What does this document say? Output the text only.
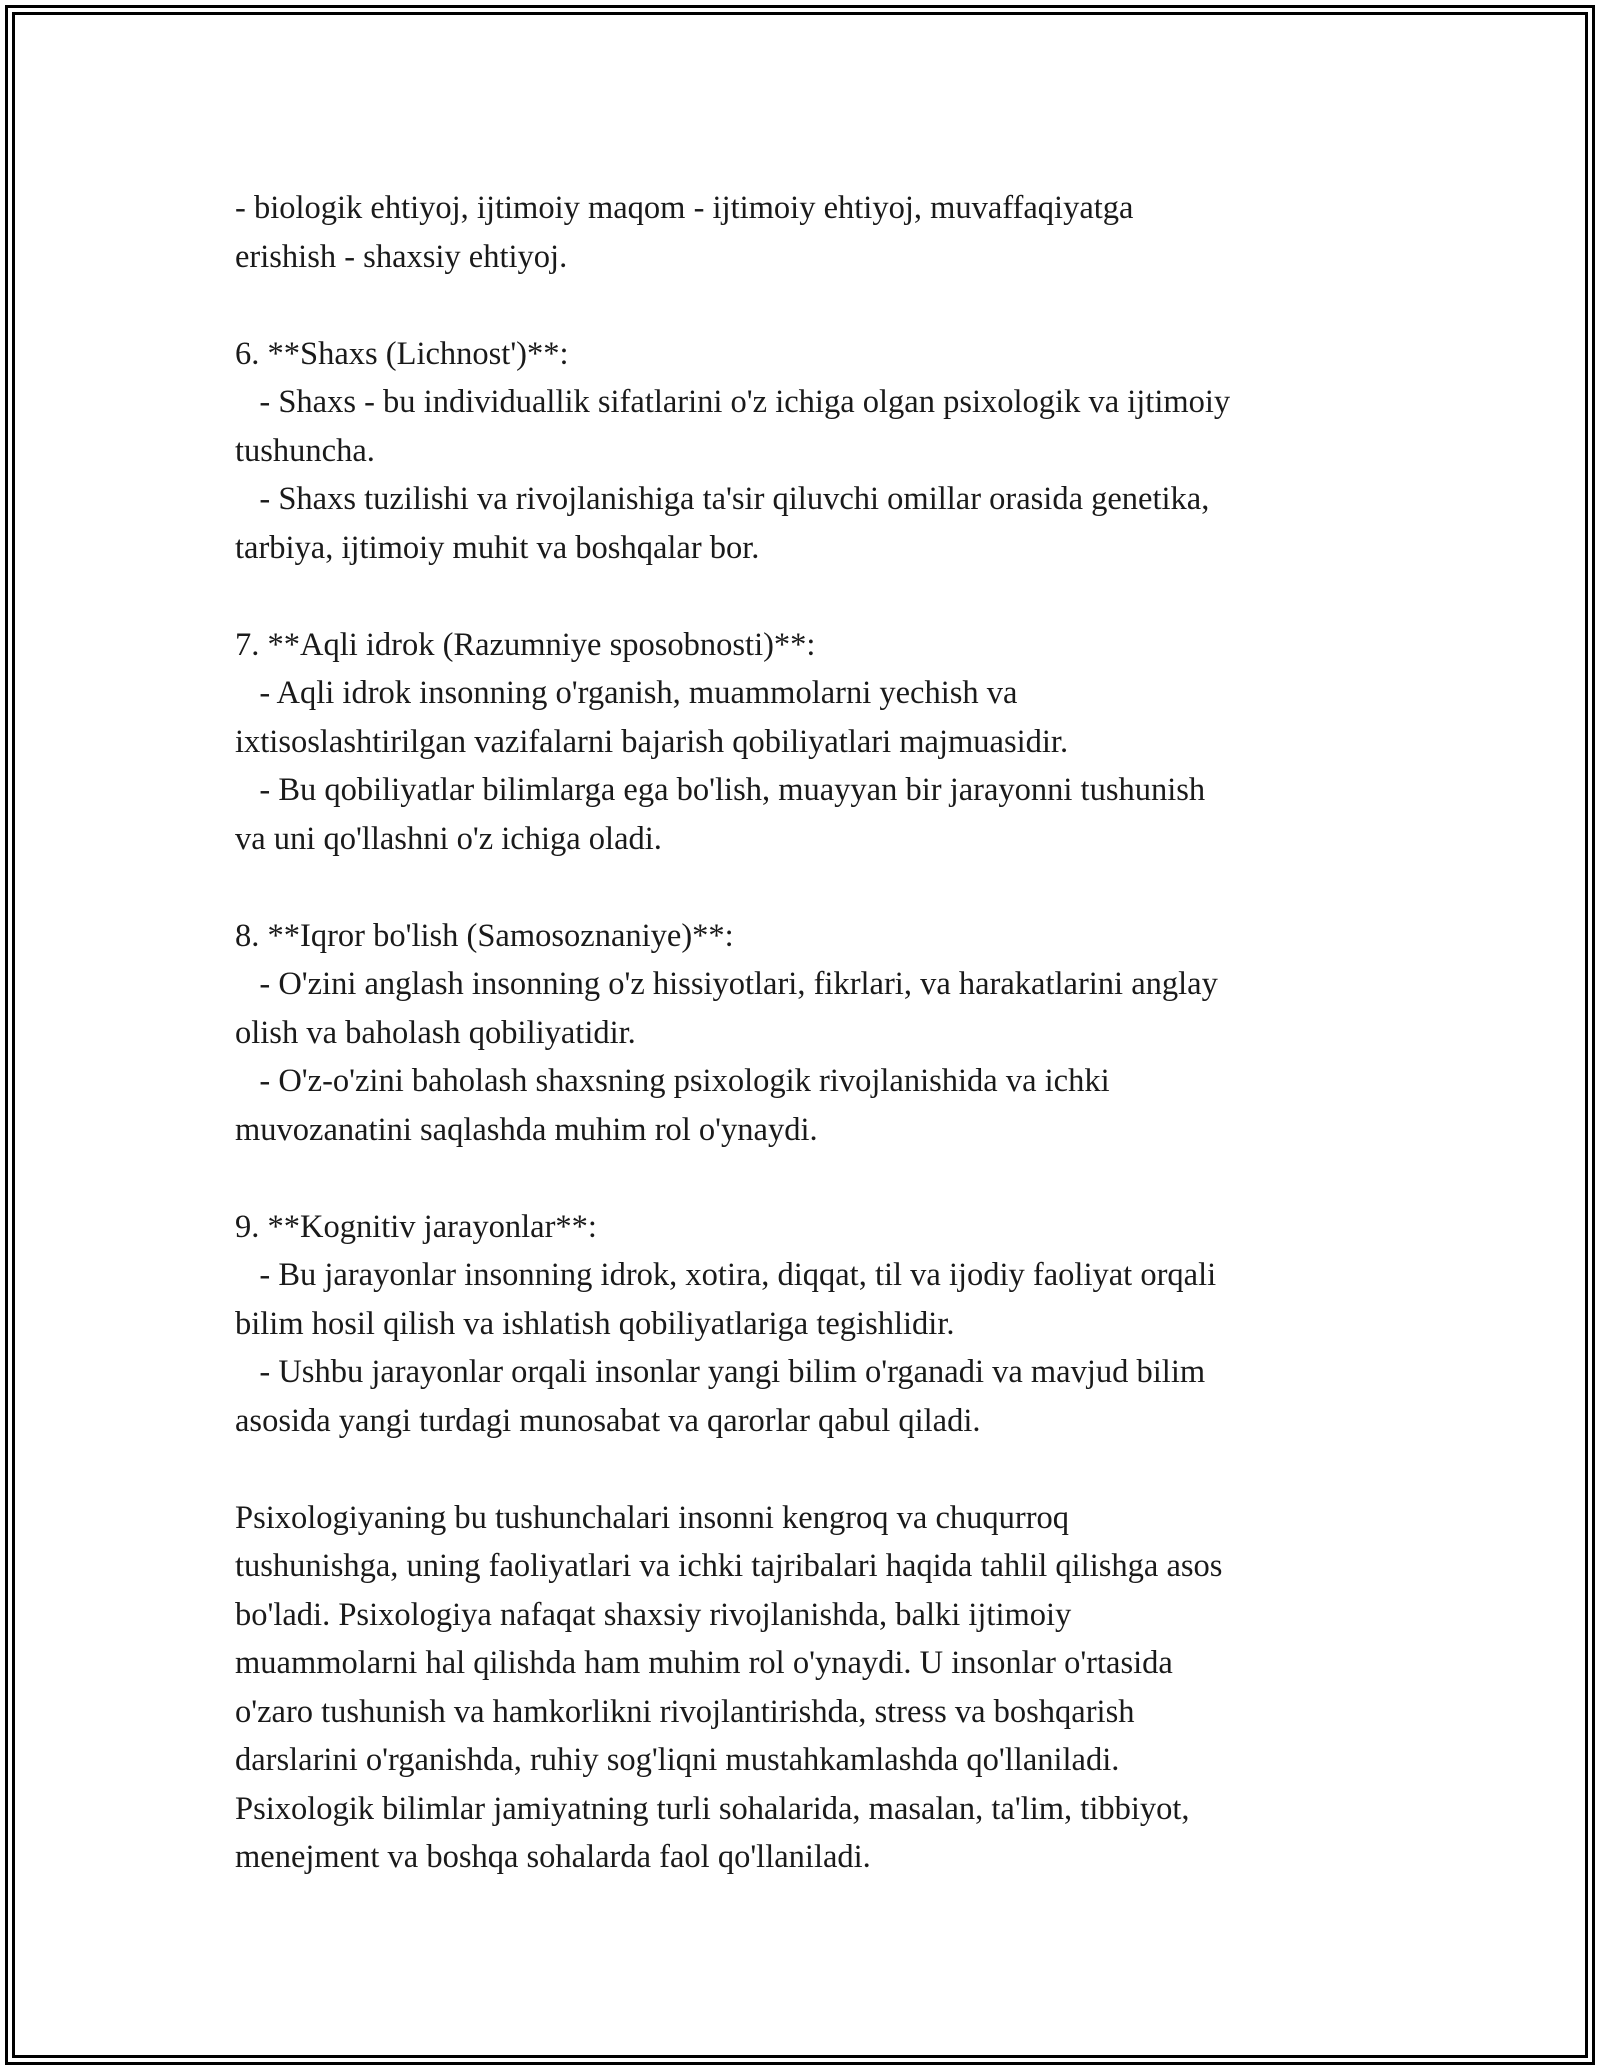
- biologik ehtiyoj, ijtimoiy maqom - ijtimoiy ehtiyoj, muvaffaqiyatga
erishish - shaxsiy ehtiyoj.

6. **Shaxs (Lichnost')**:
- Shaxs - bu individuallik sifatlarini o'z ichiga olgan psixologik va ijtimoiy
tushuncha.
- Shaxs tuzilishi va rivojlanishiga ta'sir qiluvchi omillar orasida genetika,
tarbiya, ijtimoiy muhit va boshqalar bor.

7. **Aqli idrok (Razumniye sposobnosti)**:
- Aqli idrok insonning o'rganish, muammolarni yechish va
ixtisoslashtirilgan vazifalarni bajarish qobiliyatlari majmuasidir.
- Bu qobiliyatlar bilimlarga ega bo'lish, muayyan bir jarayonni tushunish
va uni qo'llashni o'z ichiga oladi.

8. **Iqror bo'lish (Samosoznaniye)**:
- O'zini anglash insonning o'z hissiyotlari, fikrlari, va harakatlarini anglay
olish va baholash qobiliyatidir.
- O'z-o'zini baholash shaxsning psixologik rivojlanishida va ichki
muvozanatini saqlashda muhim rol o'ynaydi.

9. **Kognitiv jarayonlar**:
- Bu jarayonlar insonning idrok, xotira, diqqat, til va ijodiy faoliyat orqali
bilim hosil qilish va ishlatish qobiliyatlariga tegishlidir.
- Ushbu jarayonlar orqali insonlar yangi bilim o'rganadi va mavjud bilim
asosida yangi turdagi munosabat va qarorlar qabul qiladi.

Psixologiyaning bu tushunchalari insonni kengroq va chuqurroq
tushunishga, uning faoliyatlari va ichki tajribalari haqida tahlil qilishga asos
bo'ladi. Psixologiya nafaqat shaxsiy rivojlanishda, balki ijtimoiy
muammolarni hal qilishda ham muhim rol o'ynaydi. U insonlar o'rtasida
o'zaro tushunish va hamkorlikni rivojlantirishda, stress va boshqarish
darslarini o'rganishda, ruhiy sog'liqni mustahkamlashda qo'llaniladi.
Psixologik bilimlar jamiyatning turli sohalarida, masalan, ta'lim, tibbiyot,
menejment va boshqa sohalarda faol qo'llaniladi.
